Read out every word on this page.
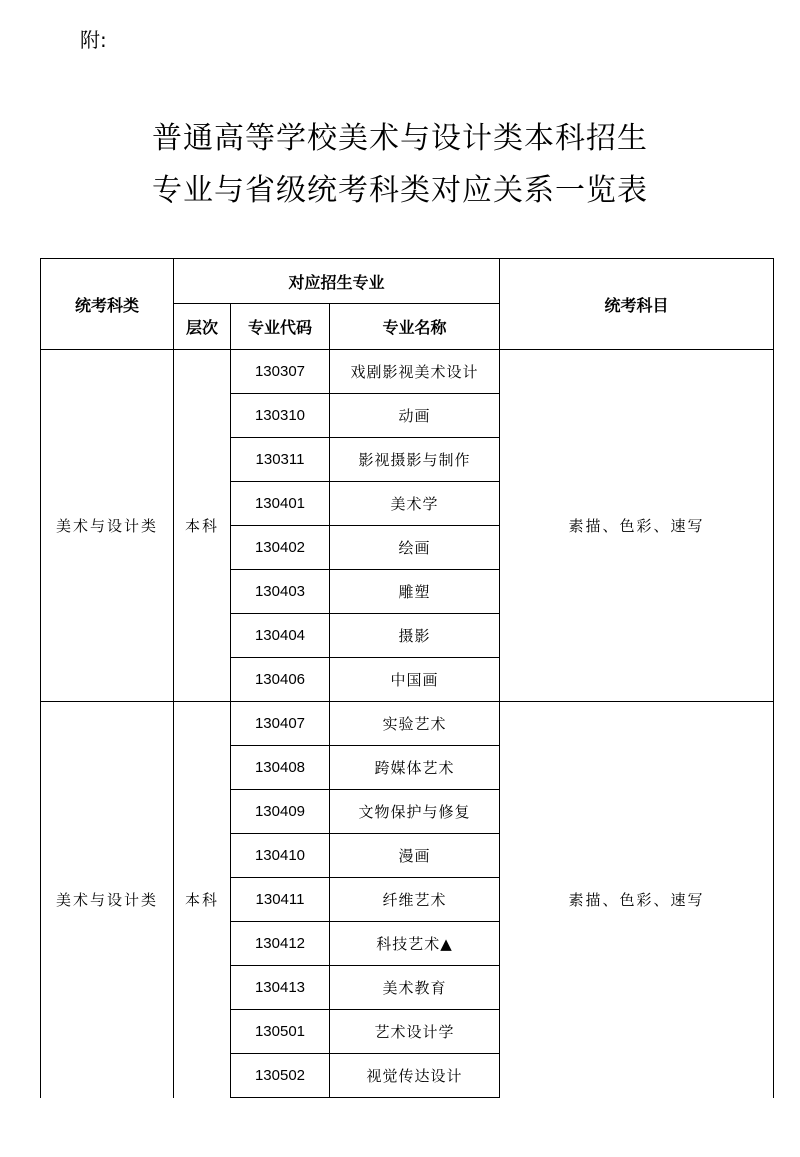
附:
普通高等学校美术与设计类本科招生
专业与省级统考科类对应关系一览表
统考科类	对应招生专业			统考科目
	层次	专业代码	专业名称	
美术与设计类	本科	130307	戏剧影视美术设计	素描、色彩、速写
		130310	动画	
		130311	影视摄影与制作	
		130401	美术学	
		130402	绘画	
		130403	雕塑	
		130404	摄影	
		130406	中国画	
美术与设计类	本科	130407	实验艺术	素描、色彩、速写
		130408	跨媒体艺术	
		130409	文物保护与修复	
		130410	漫画	
		130411	纤维艺术	
		130412	科技艺术▲	
		130413	美术教育	
		130501	艺术设计学	
		130502	视觉传达设计	
